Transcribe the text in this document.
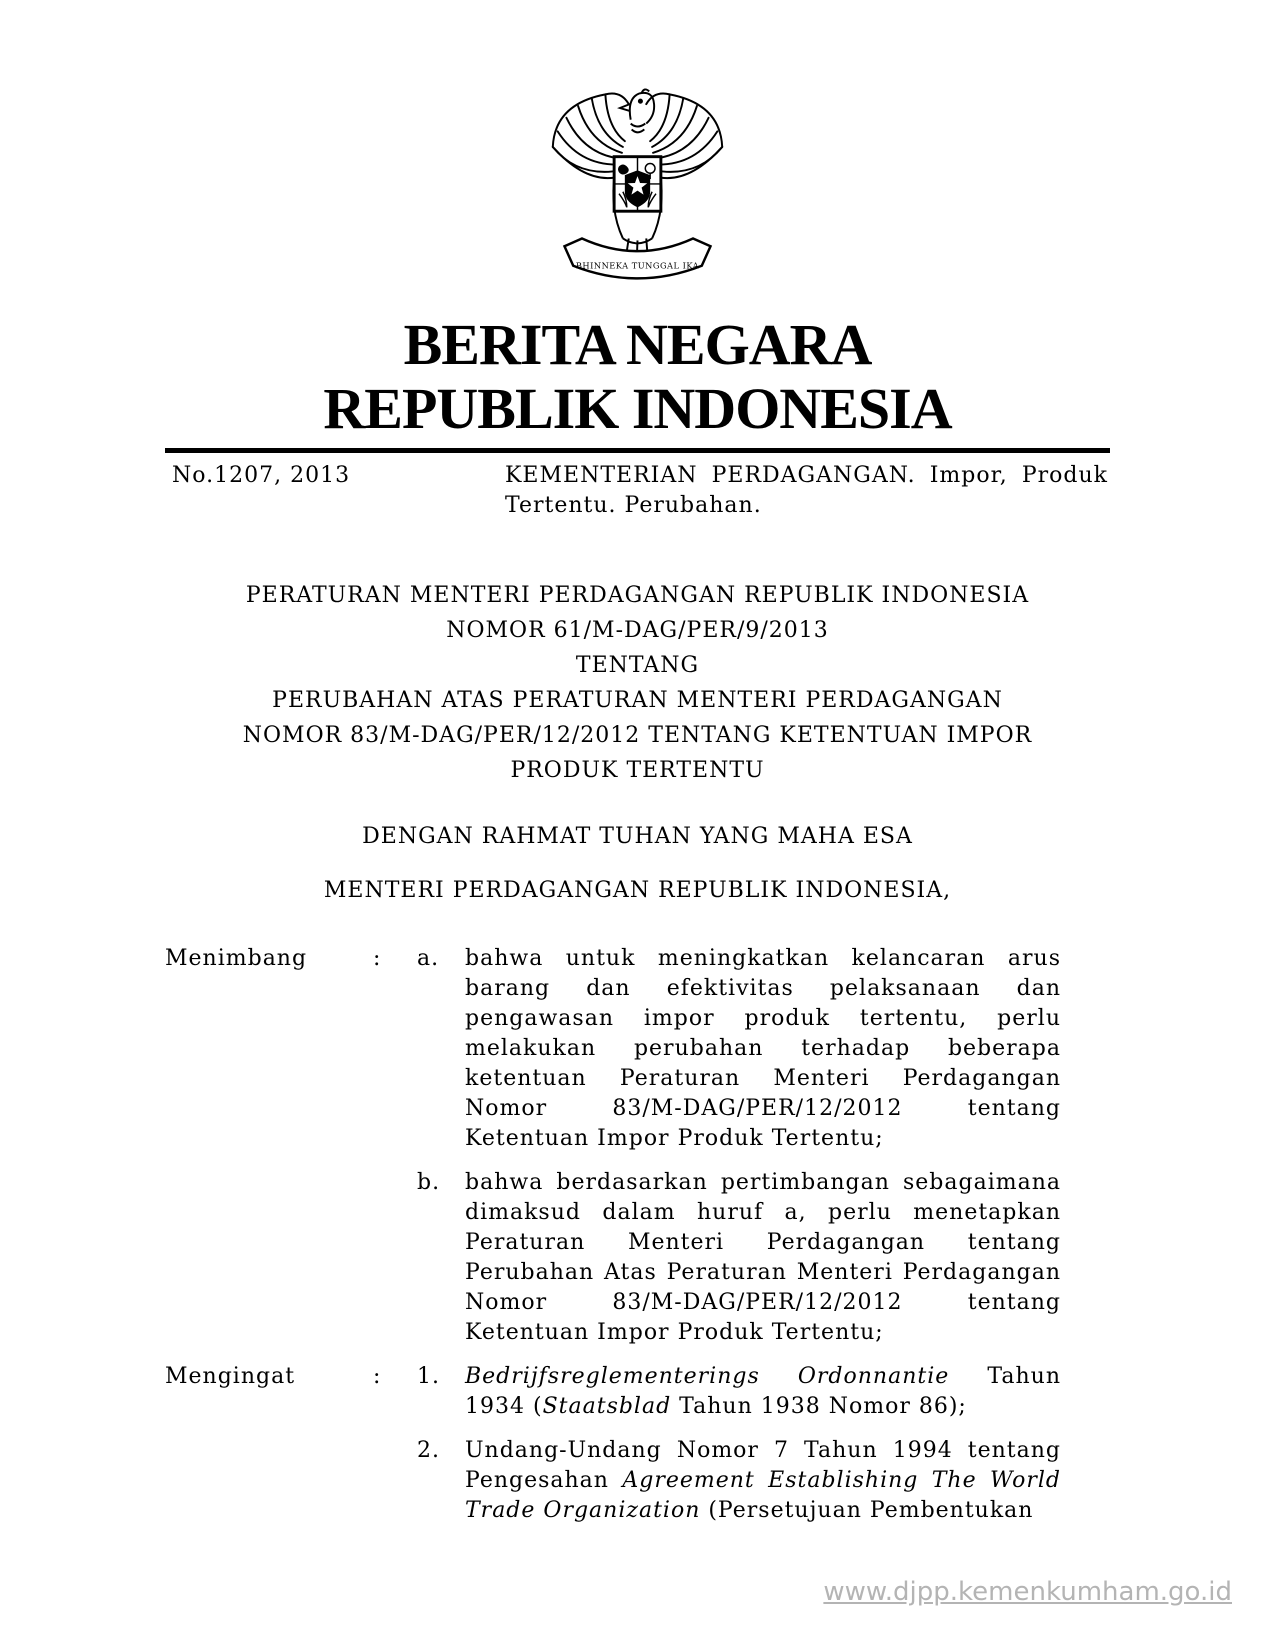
BHINNEKA TUNGGAL IKA
BERITA NEGARA
REPUBLIK INDONESIA
No.1207, 2013	KEMENTERIAN PERDAGANGAN. Impor, Produk Tertentu. Perubahan.
PERATURAN MENTERI PERDAGANGAN REPUBLIK INDONESIA
NOMOR 61/M-DAG/PER/9/2013
TENTANG
PERUBAHAN ATAS PERATURAN MENTERI PERDAGANGAN
NOMOR 83/M-DAG/PER/12/2012 TENTANG KETENTUAN IMPOR
PRODUK TERTENTU
DENGAN RAHMAT TUHAN YANG MAHA ESA
MENTERI PERDAGANGAN REPUBLIK INDONESIA,
Menimbang	:	a.	bahwa untuk meningkatkan kelancaran arus barang dan efektivitas pelaksanaan dan pengawasan impor produk tertentu, perlu melakukan perubahan terhadap beberapa ketentuan Peraturan Menteri Perdagangan Nomor 83/M-DAG/PER/12/2012 tentang Ketentuan Impor Produk Tertentu;
b.	bahwa berdasarkan pertimbangan sebagaimana dimaksud dalam huruf a, perlu menetapkan Peraturan Menteri Perdagangan tentang Perubahan Atas Peraturan Menteri Perdagangan Nomor 83/M-DAG/PER/12/2012 tentang Ketentuan Impor Produk Tertentu;
Mengingat	:	1.	Bedrijfsreglementerings Ordonnantie Tahun 1934 (Staatsblad Tahun 1938 Nomor 86);
2.	Undang-Undang Nomor 7 Tahun 1994 tentang Pengesahan Agreement Establishing The World Trade Organization (Persetujuan Pembentukan
www.djpp.kemenkumham.go.id
